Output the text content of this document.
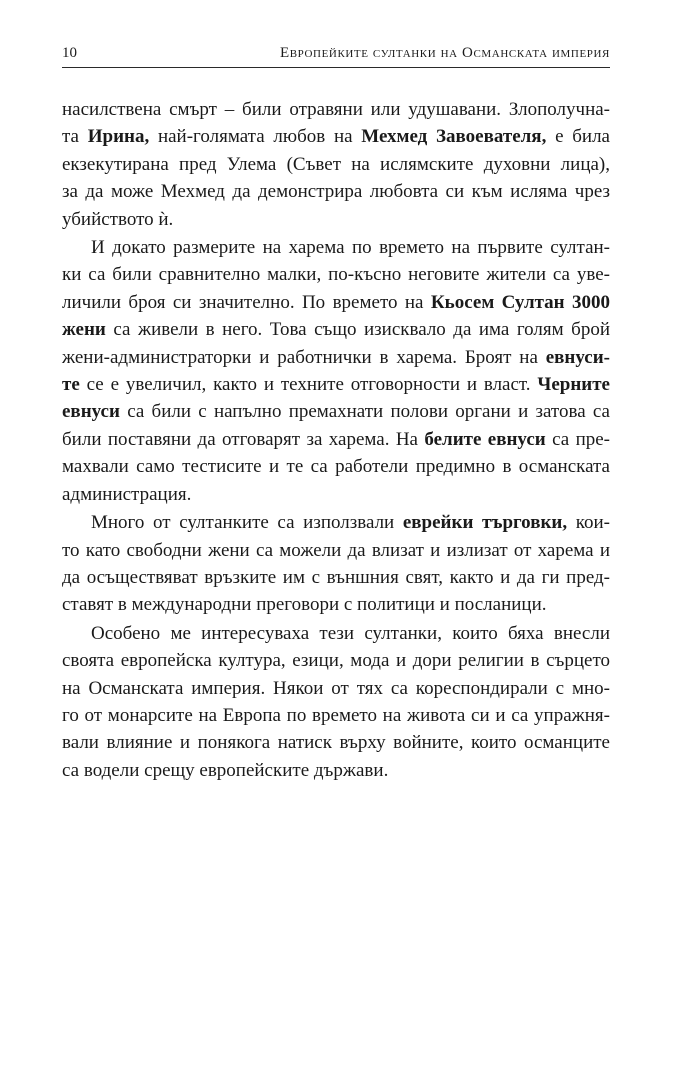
10	Европейките султанки на Османската империя

насилствена смърт – били отравяни или удушавани. Злополучна-
та Ирина, най-голямата любов на Мехмед Завоевателя, е била
екзекутирана пред Улема (Съвет на ислямските духовни лица),
за да може Мехмед да демонстрира любовта си към исляма чрез
убийството ѝ.

И докато размерите на харема по времето на първите султан-
ки са били сравнително малки, по-късно неговите жители са уве-
личили броя си значително. По времето на Кьосем Султан 3000
жени са живели в него. Това също изисквало да има голям брой
жени-администраторки и работнички в харема. Броят на евнуси-
те се е увеличил, както и техните отговорности и власт. Черните
евнуси са били с напълно премахнати полови органи и затова са
били поставяни да отговарят за харема. На белите евнуси са пре-
махвали само тестисите и те са работели предимно в османската
администрация.

Много от султанките са използвали еврейки търговки, кои-
то като свободни жени са можели да влизат и излизат от харема и
да осъществяват връзките им с външния свят, както и да ги пред-
ставят в международни преговори с политици и посланици.

Особено ме интересуваха тези султанки, които бяха внесли
своята европейска култура, езици, мода и дори религии в сърцето
на Османската империя. Някои от тях са кореспондирали с мно-
го от монарсите на Европа по времето на живота си и са упражня-
вали влияние и понякога натиск върху войните, които османците
са водели срещу европейските държави.
